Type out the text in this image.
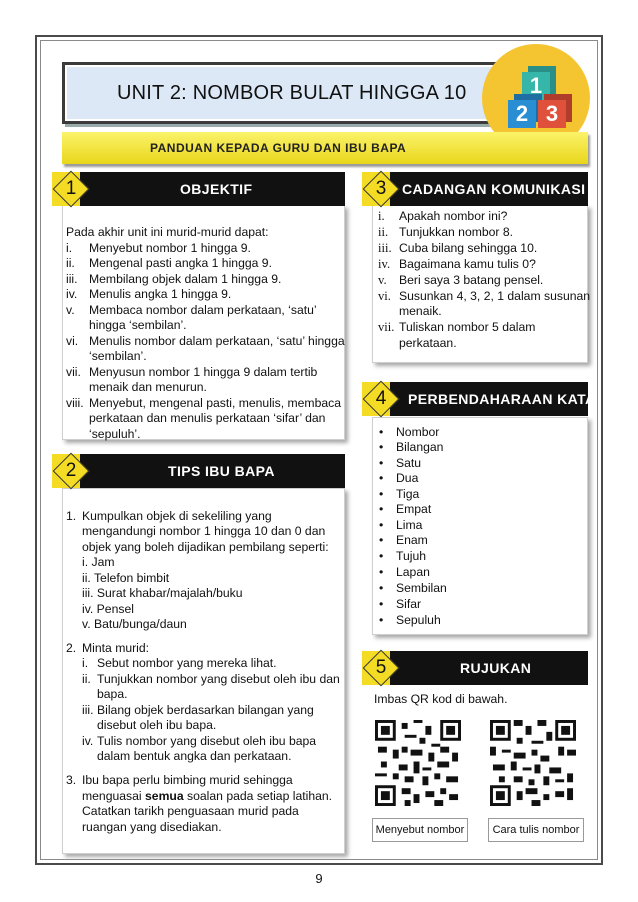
UNIT 2: NOMBOR BULAT HINGGA 10	1
2 3
PANDUAN KEPADA GURU DAN IBU BAPA
1	OBJEKTIF
Pada akhir unit ini murid-murid dapat:
i. Menyebut nombor 1 hingga 9.
ii. Mengenal pasti angka 1 hingga 9.
iii. Membilang objek dalam 1 hingga 9.
iv. Menulis angka 1 hingga 9.
v. Membaca nombor dalam perkataan, ‘satu’
hingga ‘sembilan’.
vi. Menulis nombor dalam perkataan, ‘satu’ hingga
‘sembilan’.
vii. Menyusun nombor 1 hingga 9 dalam tertib
menaik dan menurun.
viii. Menyebut, mengenal pasti, menulis, membaca
perkataan dan menulis perkataan ‘sifar’ dan
‘sepuluh’.
2	TIPS IBU BAPA
1. Kumpulkan objek di sekeliling yang
mengandungi nombor 1 hingga 10 dan 0 dan
objek yang boleh dijadikan pembilang seperti:
i. Jam
ii. Telefon bimbit
iii. Surat khabar/majalah/buku
iv. Pensel
v. Batu/bunga/daun
2. Minta murid:
i. Sebut nombor yang mereka lihat.
ii. Tunjukkan nombor yang disebut oleh ibu dan
bapa.
iii. Bilang objek berdasarkan bilangan yang
disebut oleh ibu bapa.
iv. Tulis nombor yang disebut oleh ibu bapa
dalam bentuk angka dan perkataan.
3. Ibu bapa perlu bimbing murid sehingga
menguasai semua soalan pada setiap latihan.
Catatkan tarikh penguasaan murid pada
ruangan yang disediakan.
3	CADANGAN KOMUNIKASI
i. Apakah nombor ini?
ii. Tunjukkan nombor 8.
iii. Cuba bilang sehingga 10.
iv. Bagaimana kamu tulis 0?
v. Beri saya 3 batang pensel.
vi. Susunkan 4, 3, 2, 1 dalam susunan
menaik.
vii. Tuliskan nombor 5 dalam
perkataan.
4	PERBENDAHARAAN KATA
• Nombor
• Bilangan
• Satu
• Dua
• Tiga
• Empat
• Lima
• Enam
• Tujuh
• Lapan
• Sembilan
• Sifar
• Sepuluh
5	RUJUKAN
Imbas QR kod di bawah.
Menyebut nombor	Cara tulis nombor
9
